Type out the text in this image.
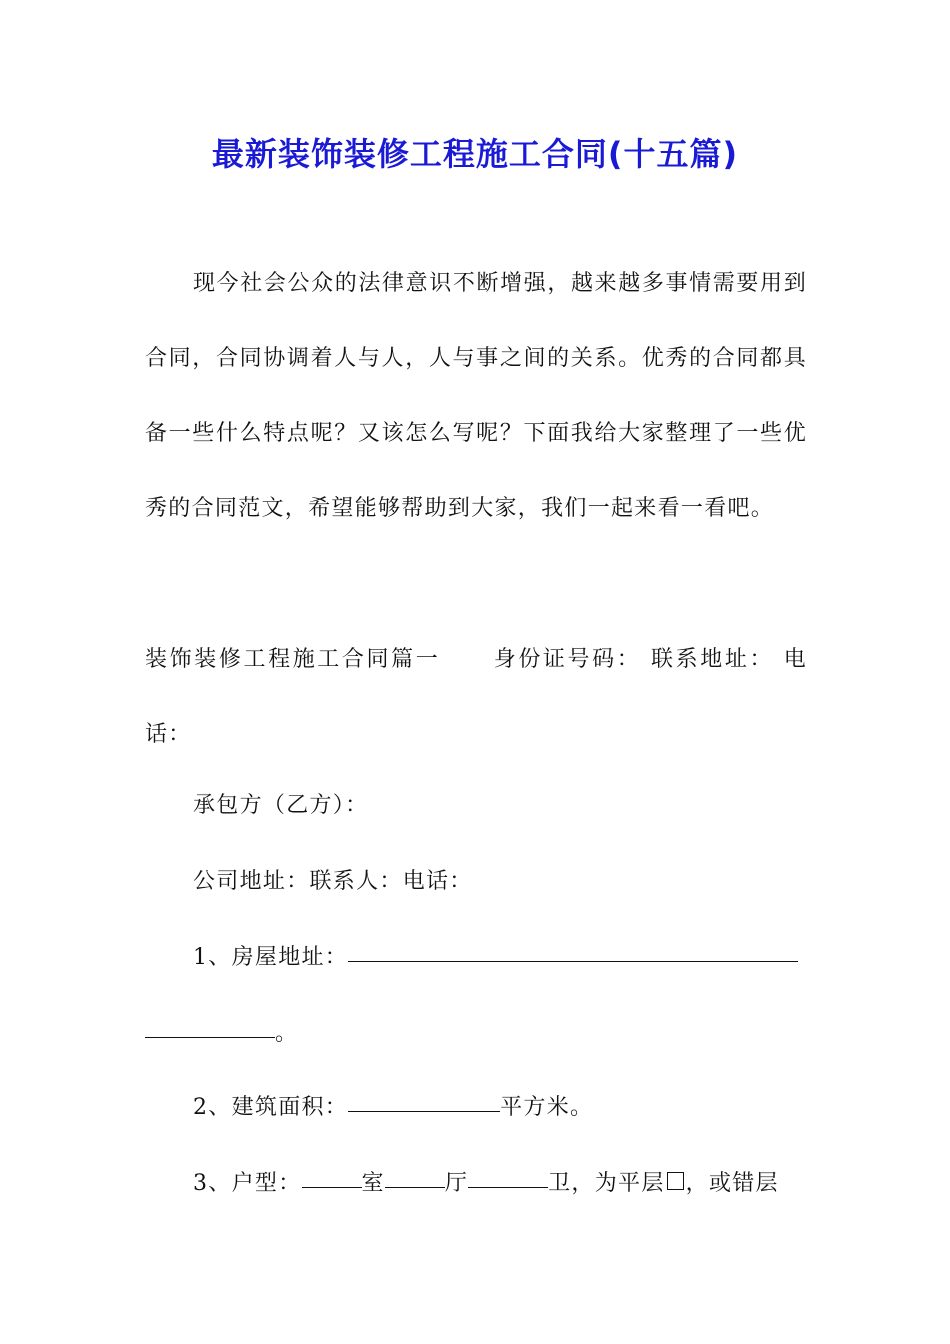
最新装饰装修工程施工合同(十五篇)

现今社会公众的法律意识不断增强，越来越多事情需要用到合同，合同协调着人与人，人与事之间的关系。优秀的合同都具备一些什么特点呢？又该怎么写呢？下面我给大家整理了一些优秀的合同范文，希望能够帮助到大家，我们一起来看一看吧。

装饰装修工程施工合同篇一 身份证号码： 联系地址： 电话：

承包方（乙方）：

公司地址：联系人：电话：

1、房屋地址：

。

2、建筑面积：	平方米。

3、户型：	室	厅	卫，为平层 ，或错层
